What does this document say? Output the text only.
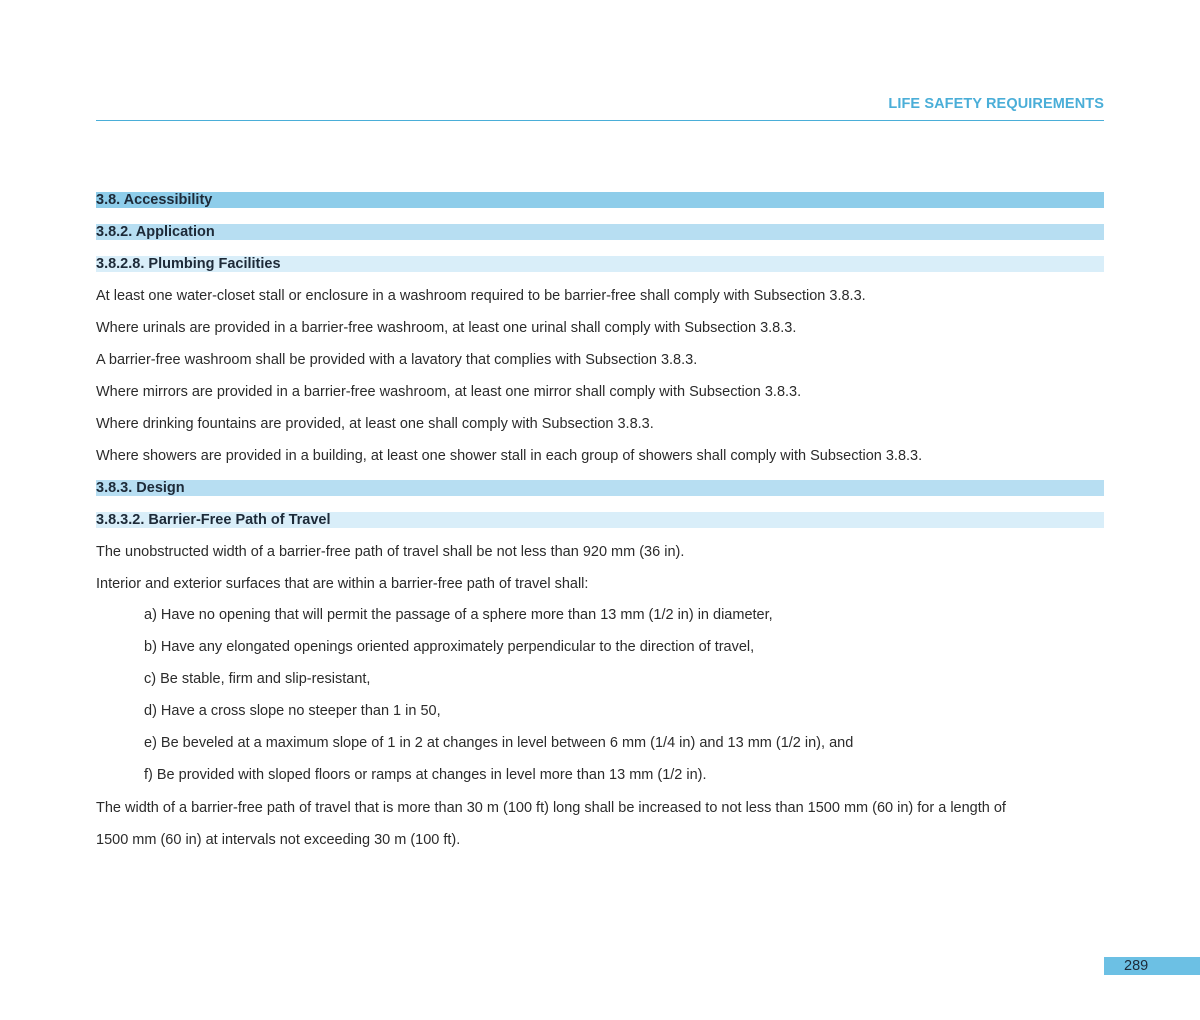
LIFE SAFETY REQUIREMENTS
3.8. Accessibility
3.8.2. Application
3.8.2.8. Plumbing Facilities
At least one water-closet stall or enclosure in a washroom required to be barrier-free shall comply with Subsection 3.8.3.
Where urinals are provided in a barrier-free washroom, at least one urinal shall comply with Subsection 3.8.3.
A barrier-free washroom shall be provided with a lavatory that complies with Subsection 3.8.3.
Where mirrors are provided in a barrier-free washroom, at least one mirror shall comply with Subsection 3.8.3.
Where drinking fountains are provided, at least one shall comply with Subsection 3.8.3.
Where showers are provided in a building, at least one shower stall in each group of showers shall comply with Subsection 3.8.3.
3.8.3. Design
3.8.3.2. Barrier-Free Path of Travel
The unobstructed width of a barrier-free path of travel shall be not less than 920 mm (36 in).
Interior and exterior surfaces that are within a barrier-free path of travel shall:
a) Have no opening that will permit the passage of a sphere more than 13 mm (1/2 in) in diameter,
b) Have any elongated openings oriented approximately perpendicular to the direction of travel,
c) Be stable, firm and slip-resistant,
d) Have a cross slope no steeper than 1 in 50,
e) Be beveled at a maximum slope of 1 in 2 at changes in level between 6 mm (1/4 in) and 13 mm (1/2 in), and
f) Be provided with sloped floors or ramps at changes in level more than 13 mm (1/2 in).
The width of a barrier-free path of travel that is more than 30 m (100 ft) long shall be increased to not less than 1500 mm (60 in) for a length of
1500 mm (60 in) at intervals not exceeding 30 m (100 ft).
289
